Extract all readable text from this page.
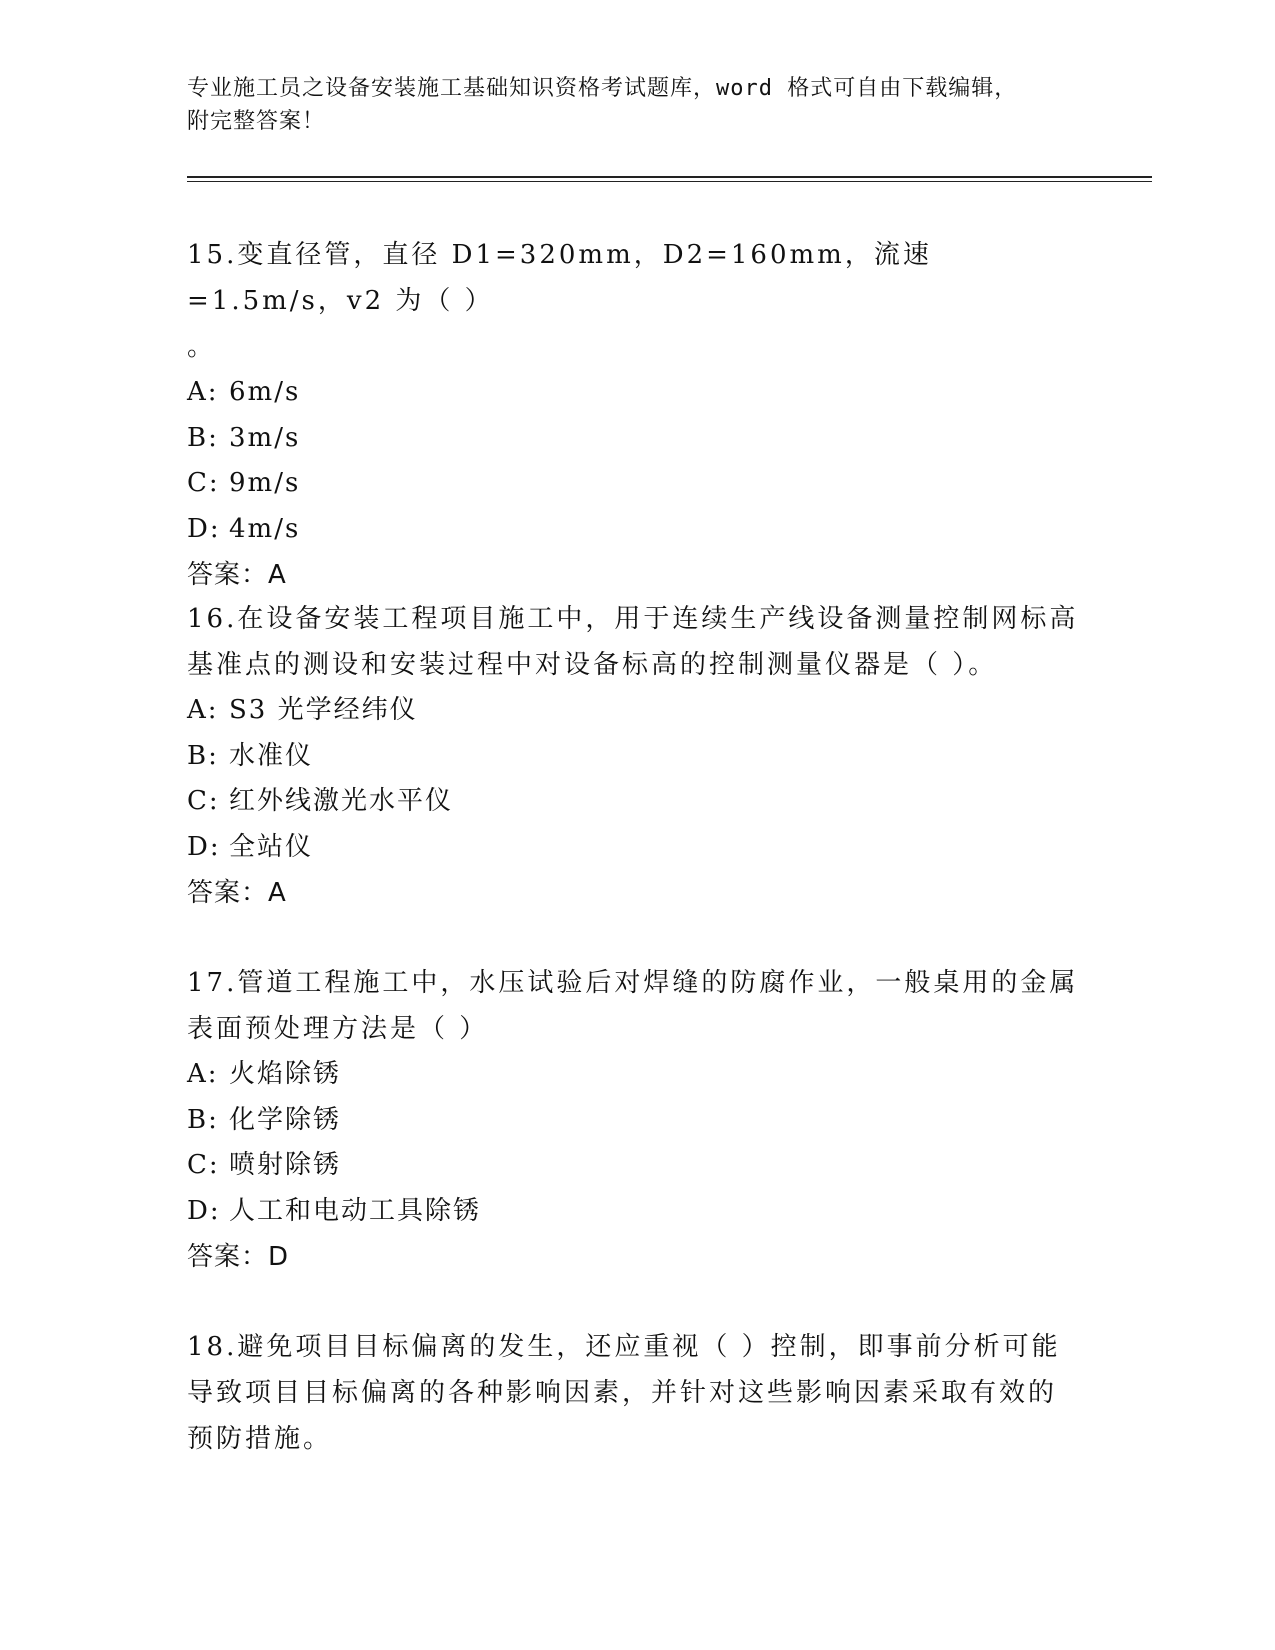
专业施工员之设备安装施工基础知识资格考试题库，word 格式可自由下载编辑，
附完整答案！

15.变直径管，直径 D1=320mm，D2=160mm，流速=1.5m/s，v2 为（ ）

。

A: 6m/s

B: 3m/s

C: 9m/s

D: 4m/s

答案：A

16.在设备安装工程项目施工中，用于连续生产线设备测量控制网标高

基准点的测设和安装过程中对设备标高的控制测量仪器是（ ）。

A: S3 光学经纬仪

B: 水准仪

C: 红外线激光水平仪

D: 全站仪

答案：A

17.管道工程施工中，水压试验后对焊缝的防腐作业，一般桌用的金属

表面预处理方法是（ ）

A: 火焰除锈

B: 化学除锈

C: 喷射除锈

D: 人工和电动工具除锈

答案：D

18.避免项目目标偏离的发生，还应重视（ ）控制，即事前分析可能

导致项目目标偏离的各种影响因素，并针对这些影响因素采取有效的

预防措施。
